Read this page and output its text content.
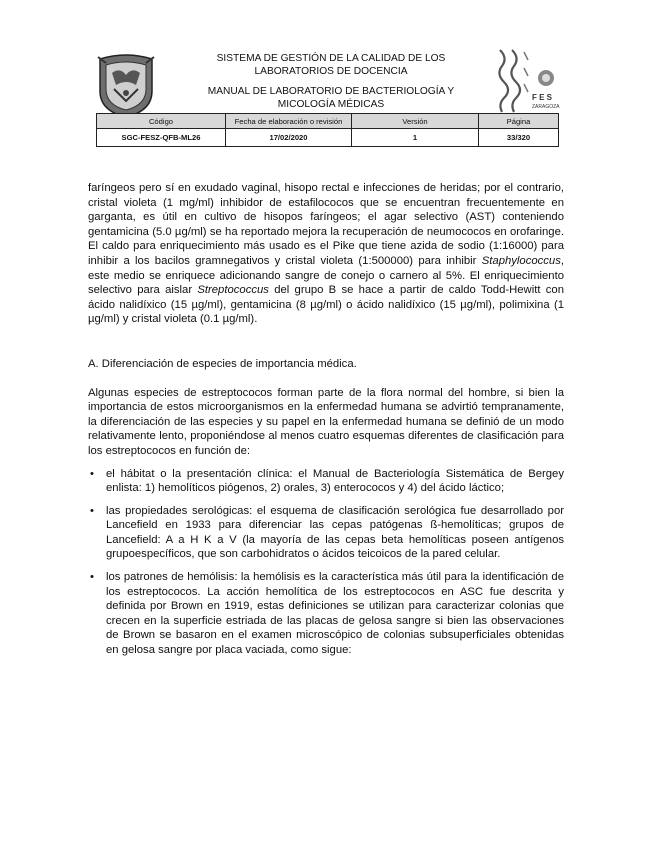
SISTEMA DE GESTIÓN DE LA CALIDAD DE LOS

LABORATORIOS DE DOCENCIA

MANUAL DE LABORATORIO DE BACTERIOLOGÍA Y

MICOLOGÍA MÉDICAS

F E S
ZARAGOZA
Código	Fecha de elaboración o revisión	Versión	Página
SGC-FESZ-QFB-ML26	17/02/2020	1	33/320

faríngeos pero sí en exudado vaginal, hisopo rectal e infecciones de heridas; por el contrario, cristal violeta (1 mg/ml) inhibidor de estafilococos que se encuentran frecuentemente en garganta, es útil en cultivo de hisopos faríngeos; el agar selectivo (AST) conteniendo gentamicina (5.0 µg/ml) se ha reportado mejora la recuperación de neumococos en orofaringe. El caldo para enriquecimiento más usado es el Pike que tiene azida de sodio (1:16000) para inhibir a los bacilos gramnegativos y cristal violeta (1:500000) para inhibir Staphylococcus, este medio se enriquece adicionando sangre de conejo o carnero al 5%. El enriquecimiento selectivo para aislar Streptococcus del grupo B se hace a partir de caldo Todd-Hewitt con ácido nalidíxico (15 µg/ml), gentamicina (8 µg/ml) o ácido nalidíxico (15 µg/ml), polimixina (1 µg/ml) y cristal violeta (0.1 µg/ml).

A. Diferenciación de especies de importancia médica.

Algunas especies de estreptococos forman parte de la flora normal del hombre, si bien la importancia de estos microorganismos en la enfermedad humana se advirtió tempranamente, la diferenciación de las especies y su papel en la enfermedad humana se definió de un modo relativamente lento, proponiéndose al menos cuatro esquemas diferentes de clasificación para los estreptococos en función de:

• el hábitat o la presentación clínica: el Manual de Bacteriología Sistemática de Bergey enlista: 1) hemolíticos piógenos, 2) orales, 3) enterococos y 4) del ácido láctico;
• las propiedades serológicas: el esquema de clasificación serológica fue desarrollado por Lancefield en 1933 para diferenciar las cepas patógenas ß-hemolíticas; grupos de Lancefield: A a H K a V (la mayoría de las cepas beta hemolíticas poseen antígenos grupoespecíficos, que son carbohidratos o ácidos teicoicos de la pared celular.
• los patrones de hemólisis: la hemólisis es la característica más útil para la identificación de los estreptococos. La acción hemolítica de los estreptococos en ASC fue descrita y definida por Brown en 1919, estas definiciones se utilizan para caracterizar colonias que crecen en la superficie estriada de las placas de gelosa sangre si bien las observaciones de Brown se basaron en el examen microscópico de colonias subsuperficiales obtenidas en gelosa sangre por placa vaciada, como sigue:
